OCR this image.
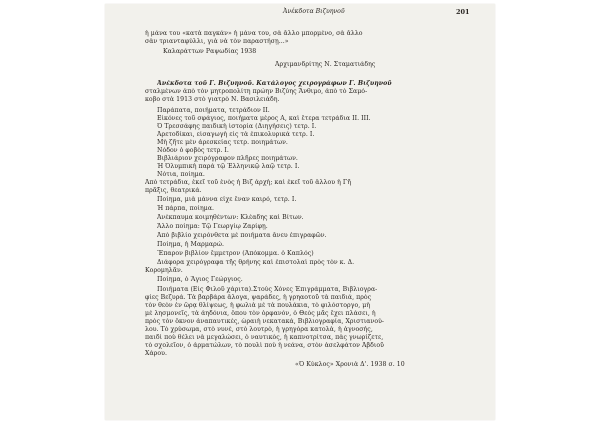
Ἀνέκδοτα Βιζυηνοῦ	201
ἡ μάνα του «κατὰ παγκάν» ἡ μάνα του, σὰ ἄλλο μπορμένο, σὰ ἄλλο
σὰν τριανταφύλλι, γιὰ νὰ τὸν παραστήσῃ...»
Καλαράττων Ραψωδίας 1938
Ἀρχιμανδρίτης Ν. Σταματιάδης
Ἀνέκδοτα τοῦ Γ. Βιζυηνοῦ. Κατάλογος χειρογράφων Γ. Βιζυηνοῦ
σταλμένων ἀπὸ τὸν μητροπολίτη πρώην Βιζύης Ἄνθιμο, ἀπὸ τὸ Σαμό-
κοβο στὰ 1913 στὸ γιατρὸ Ν. Βασιλειάδη.
Παράπατα, ποιήματα, τετράδιον ΙΙ.
Εἰκόνες τοῦ σφάγιος, ποιήματα μέρος Α, καὶ ἔτερα τετράδια ΙΙ. ΙΙΙ.
Ὁ Τρεσσάφης παιδικὴ ἱστορία (Διηγήσεις) τετρ. Ι.
Ἀρετοδίκαι, εἰσαγωγὴ εἰς τὰ ἐπικολυρικά τετρ. Ι.
Μὴ ζῆτε μὲν ἀρεσκείας τετρ. ποιημάτων.
Νόδον ὁ φοβὸς τετρ. Ι.
Βιβλιάριον χειρόγραφον πλῆρες ποιημάτων.
Ἡ Ὀλυμπικὴ παρά τῷ Ἑλληνικῷ λαῷ τετρ. Ι.
Νότια, ποίημα.
Ἀπὸ τετράδια, ἐκεῖ τοῦ ἑνὸς ἡ Βιζ ἀρχὴ; καὶ ἐκεῖ τοῦ ἄλλου ἡ Γῆ
πρᾶξις, θεατρικά.
Ποίημα, μιὰ μάννα εἶχε ἕναν καιρό, τετρ. Ι.
Ἡ πάρπα, ποίημα.
Ἀνέκπαυμα κοιμηθέντων: Κλέαδης καὶ Βίτων.
Ἄλλο ποίημα: Τῷ Γεωργίῳ Ζαρίφῃ.
Ἀπὸ βιβλίο χειρόνθετα μὲ ποιήματα ἄνευ ἐπιγραφῶν.
Ποίημα, ἡ Μαρμαρώ.
Ἔπαρον βιβλίον ἔμμετρον (Ἀπόκομμα. ὁ Καπλός)
Διάφορα χειρόγραφα τῆς θρήνης καὶ ἐπιστολαὶ πρὸς τὸν κ. Δ.
Κορομηλᾶν.
Ποίημα, ὁ Ἅγιος Γεώργιος.
Ποιήματα (Εἰς Φιλοῦ χάριτα).Στοὺς Χόνες Ἐπιγράμματα, Βιβλιογρα-
φίες Βεζυρά. Τὰ βαρβάρα ἄλογα, ψαράδες, ἡ γρηαοτοῦ τὰ παιδιά, πρὸς
τὸν θεὸν ἐν ὥρᾳ θλίψεως, ἡ φωλιὰ μὲ τὰ πουλάκια, τὸ φιλόστοργο, μὴ
μὲ λησμονεῖς, τὰ ἀηδόνια, ὅπου τὸν ὀρφανόν, ὁ Θεὸς μᾶς ἔχει πλάσει, ἡ
πρὸς τὸν ὄκνον ἀναπαυτικές, ὡραιὴ νεκατακά, Βιβλιογραφία, Χριστιανού-
λου. Τὸ χρύσωμα, στὸ νυνέ, στὸ λουτρὸ, ἡ γρηγόρα κατολὰ, ἡ ἀγνοσής,
παιδὶ ποὺ θέλει νὰ μεγαλώσει, ὁ ναυτικὸς, ἡ καπνοτρίτσα, πὰς γνωρίζετε,
τὸ σχολεῖον, ὁ ἀρματώλων, τὸ πουλὶ ποὺ ἡ νεάνα, στὸν ἀσελφάτον Ἀβδιοῦ
Χάρου.
«Ὁ Κύκλος» Χρονιὰ Δ'. 1938 σ. 10
